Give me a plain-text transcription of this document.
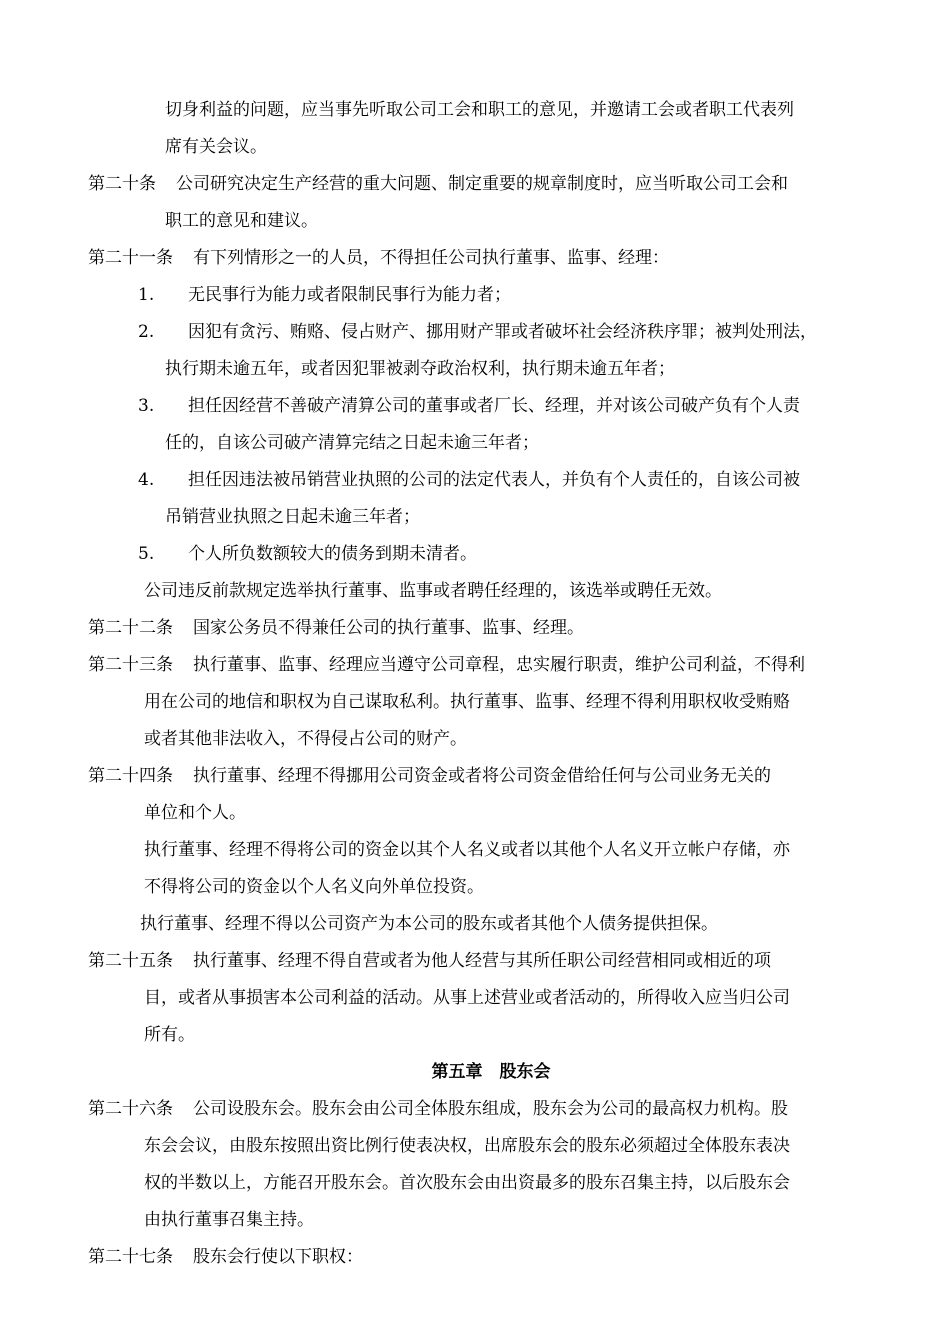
切身利益的问题，应当事先听取公司工会和职工的意见，并邀请工会或者职工代表列
席有关会议。
第二十条 公司研究决定生产经营的重大问题、制定重要的规章制度时，应当听取公司工会和
职工的意见和建议。
第二十一条 有下列情形之一的人员，不得担任公司执行董事、监事、经理：
1. 无民事行为能力或者限制民事行为能力者；
2. 因犯有贪污、贿赂、侵占财产、挪用财产罪或者破坏社会经济秩序罪；被判处刑法，
执行期未逾五年，或者因犯罪被剥夺政治权利，执行期未逾五年者；
3. 担任因经营不善破产清算公司的董事或者厂长、经理，并对该公司破产负有个人责
任的，自该公司破产清算完结之日起未逾三年者；
4. 担任因违法被吊销营业执照的公司的法定代表人，并负有个人责任的，自该公司被
吊销营业执照之日起未逾三年者；
5. 个人所负数额较大的债务到期未清者。
公司违反前款规定选举执行董事、监事或者聘任经理的，该选举或聘任无效。
第二十二条 国家公务员不得兼任公司的执行董事、监事、经理。
第二十三条 执行董事、监事、经理应当遵守公司章程，忠实履行职责，维护公司利益，不得利
用在公司的地信和职权为自己谋取私利。执行董事、监事、经理不得利用职权收受贿赂
或者其他非法收入，不得侵占公司的财产。
第二十四条 执行董事、经理不得挪用公司资金或者将公司资金借给任何与公司业务无关的
单位和个人。
执行董事、经理不得将公司的资金以其个人名义或者以其他个人名义开立帐户存储，亦
不得将公司的资金以个人名义向外单位投资。
执行董事、经理不得以公司资产为本公司的股东或者其他个人债务提供担保。
第二十五条 执行董事、经理不得自营或者为他人经营与其所任职公司经营相同或相近的项
目，或者从事损害本公司利益的活动。从事上述营业或者活动的，所得收入应当归公司
所有。
第五章　股东会
第二十六条 公司设股东会。股东会由公司全体股东组成，股东会为公司的最高权力机构。股
东会会议，由股东按照出资比例行使表决权，出席股东会的股东必须超过全体股东表决
权的半数以上，方能召开股东会。首次股东会由出资最多的股东召集主持，以后股东会
由执行董事召集主持。
第二十七条 股东会行使以下职权：
